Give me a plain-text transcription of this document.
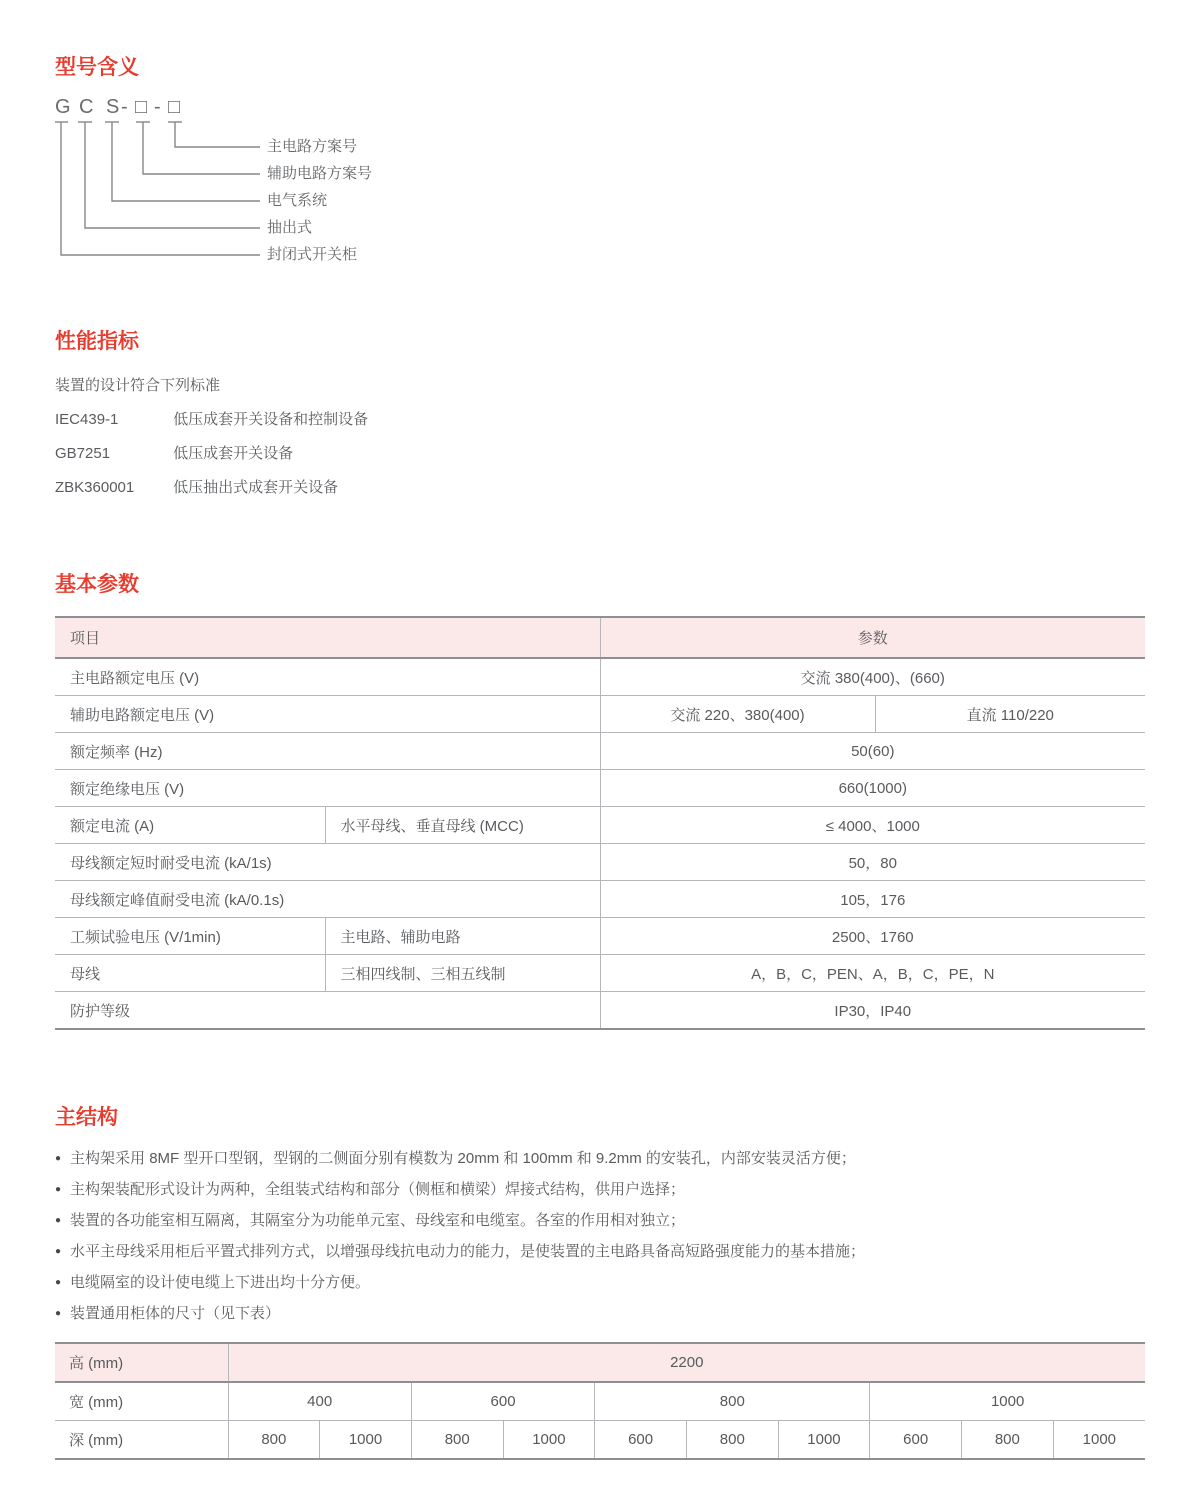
型号含义
G C S - □ - □
主电路方案号
辅助电路方案号
电气系统
抽出式
封闭式开关柜
性能指标
装置的设计符合下列标准
IEC439-1	低压成套开关设备和控制设备
GB7251	低压成套开关设备
ZBK360001	低压抽出式成套开关设备
基本参数
项目		参数	
主电路额定电压 (V)		交流 380(400)、(660)	
辅助电路额定电压 (V)		交流 220、380(400)	直流 110/220
额定频率 (Hz)		50(60)	
额定绝缘电压 (V)		660(1000)	
额定电流 (A)	水平母线、垂直母线 (MCC)	≤ 4000、1000	
母线额定短时耐受电流 (kA/1s)		50，80	
母线额定峰值耐受电流 (kA/0.1s)		105，176	
工频试验电压 (V/1min)	主电路、辅助电路	2500、1760	
母线	三相四线制、三相五线制	A，B，C，PEN、A，B，C，PE，N	
防护等级		IP30，IP40	
主结构
● 主构架采用 8MF 型开口型钢，型钢的二侧面分别有模数为 20mm 和 100mm 和 9.2mm 的安装孔，内部安装灵活方便；
● 主构架装配形式设计为两种，全组装式结构和部分（侧框和横梁）焊接式结构，供用户选择；
● 装置的各功能室相互隔离，其隔室分为功能单元室、母线室和电缆室。各室的作用相对独立；
● 水平主母线采用柜后平置式排列方式，以增强母线抗电动力的能力，是使装置的主电路具备高短路强度能力的基本措施；
● 电缆隔室的设计使电缆上下进出均十分方便。
● 装置通用柜体的尺寸（见下表）
高 (mm)	2200									
宽 (mm)	400		600		800			1000		
深 (mm)	800	1000	800	1000	600	800	1000	600	800	1000
